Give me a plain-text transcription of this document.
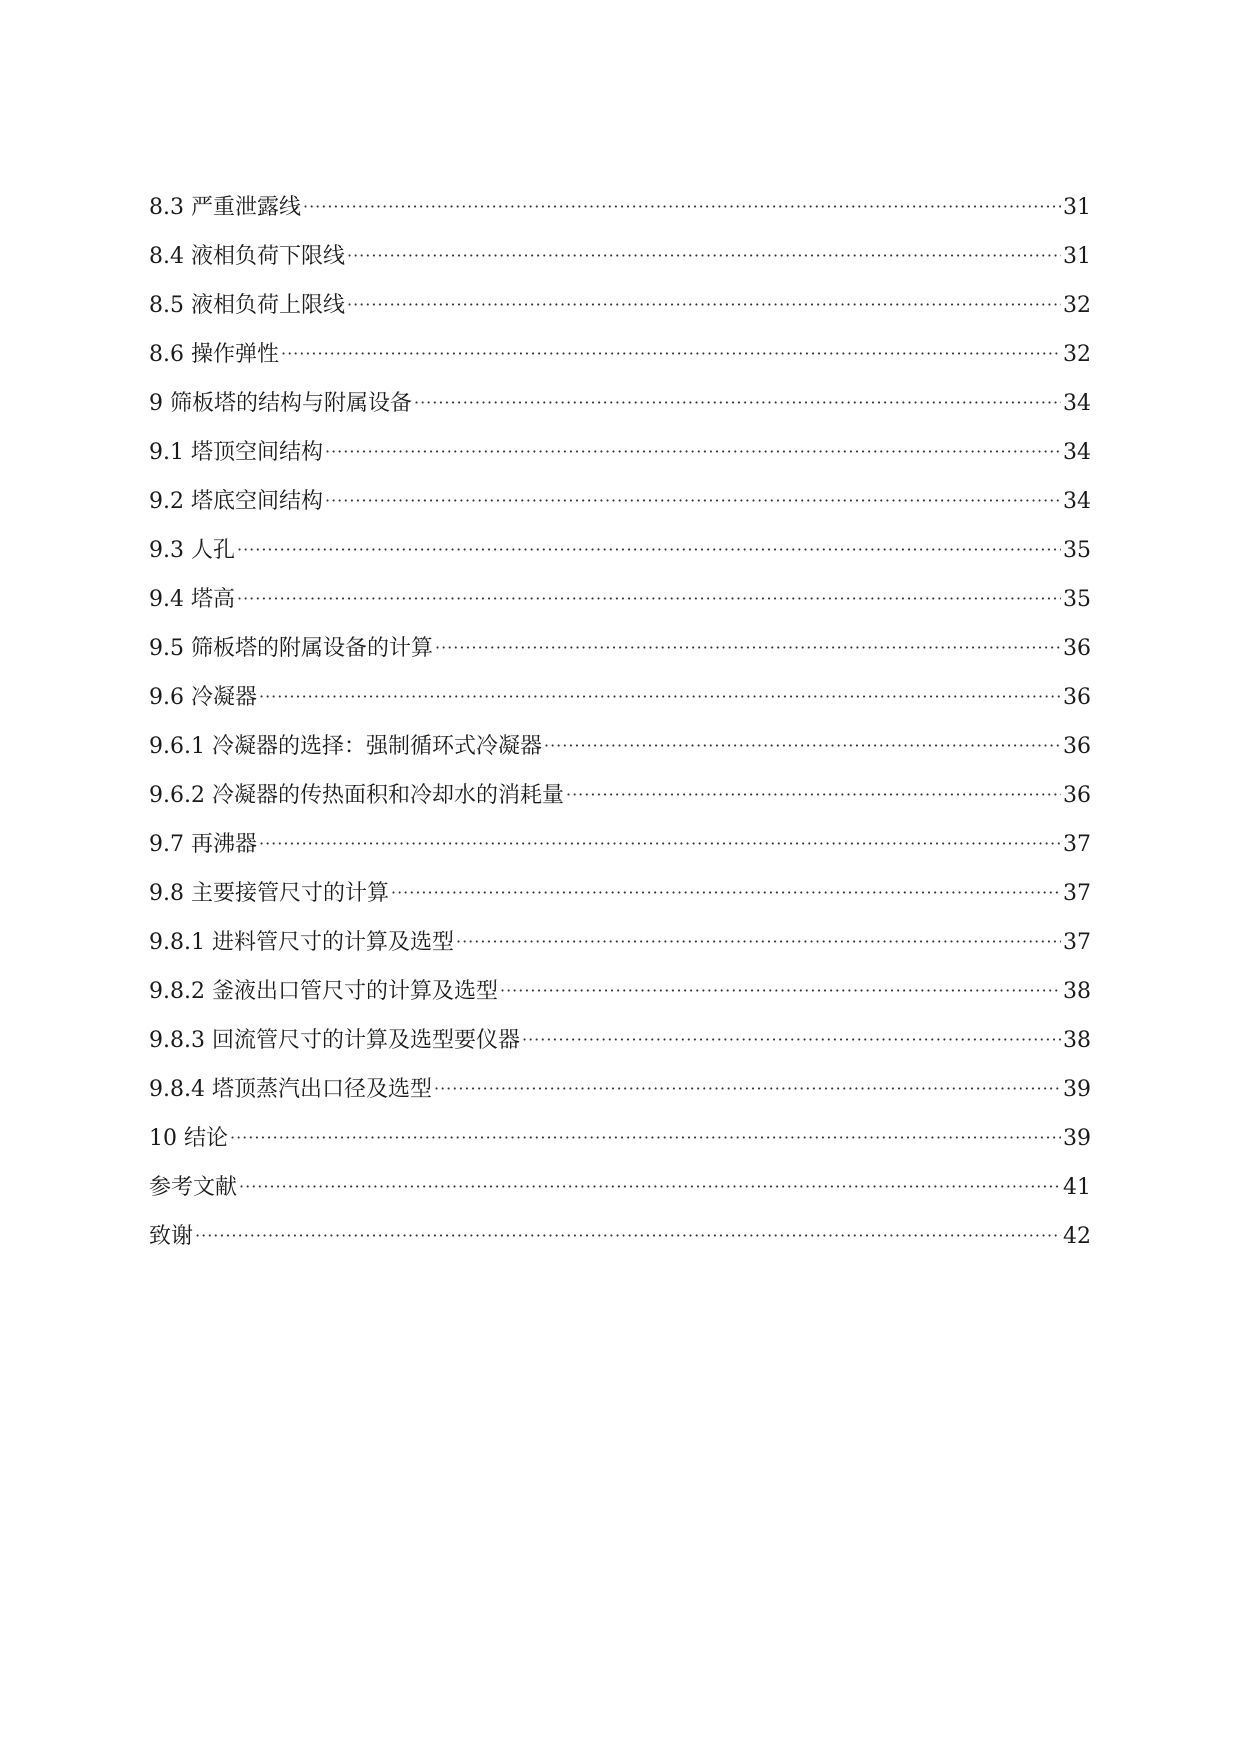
8.3 严重泄露线 ·····	31
8.4 液相负荷下限线 ·····	31
8.5 液相负荷上限线 ·····	32
8.6 操作弹性 ·····	32
9 筛板塔的结构与附属设备 ·····	34
9.1 塔顶空间结构 ·····	34
9.2 塔底空间结构 ·····	34
9.3 人孔 ·····	35
9.4 塔高 ·····	35
9.5 筛板塔的附属设备的计算 ·····	36
9.6 冷凝器 ·····	36
9.6.1 冷凝器的选择：强制循环式冷凝器 ·····	36
9.6.2 冷凝器的传热面积和冷却水的消耗量 ·····	36
9.7 再沸器 ·····	37
9.8 主要接管尺寸的计算 ·····	37
9.8.1 进料管尺寸的计算及选型 ·····	37
9.8.2 釜液出口管尺寸的计算及选型 ·····	38
9.8.3 回流管尺寸的计算及选型要仪器 ·····	38
9.8.4 塔顶蒸汽出口径及选型 ·····	39
10 结论 ·····	39
参考文献 ·····	41
致谢 ·····	42
